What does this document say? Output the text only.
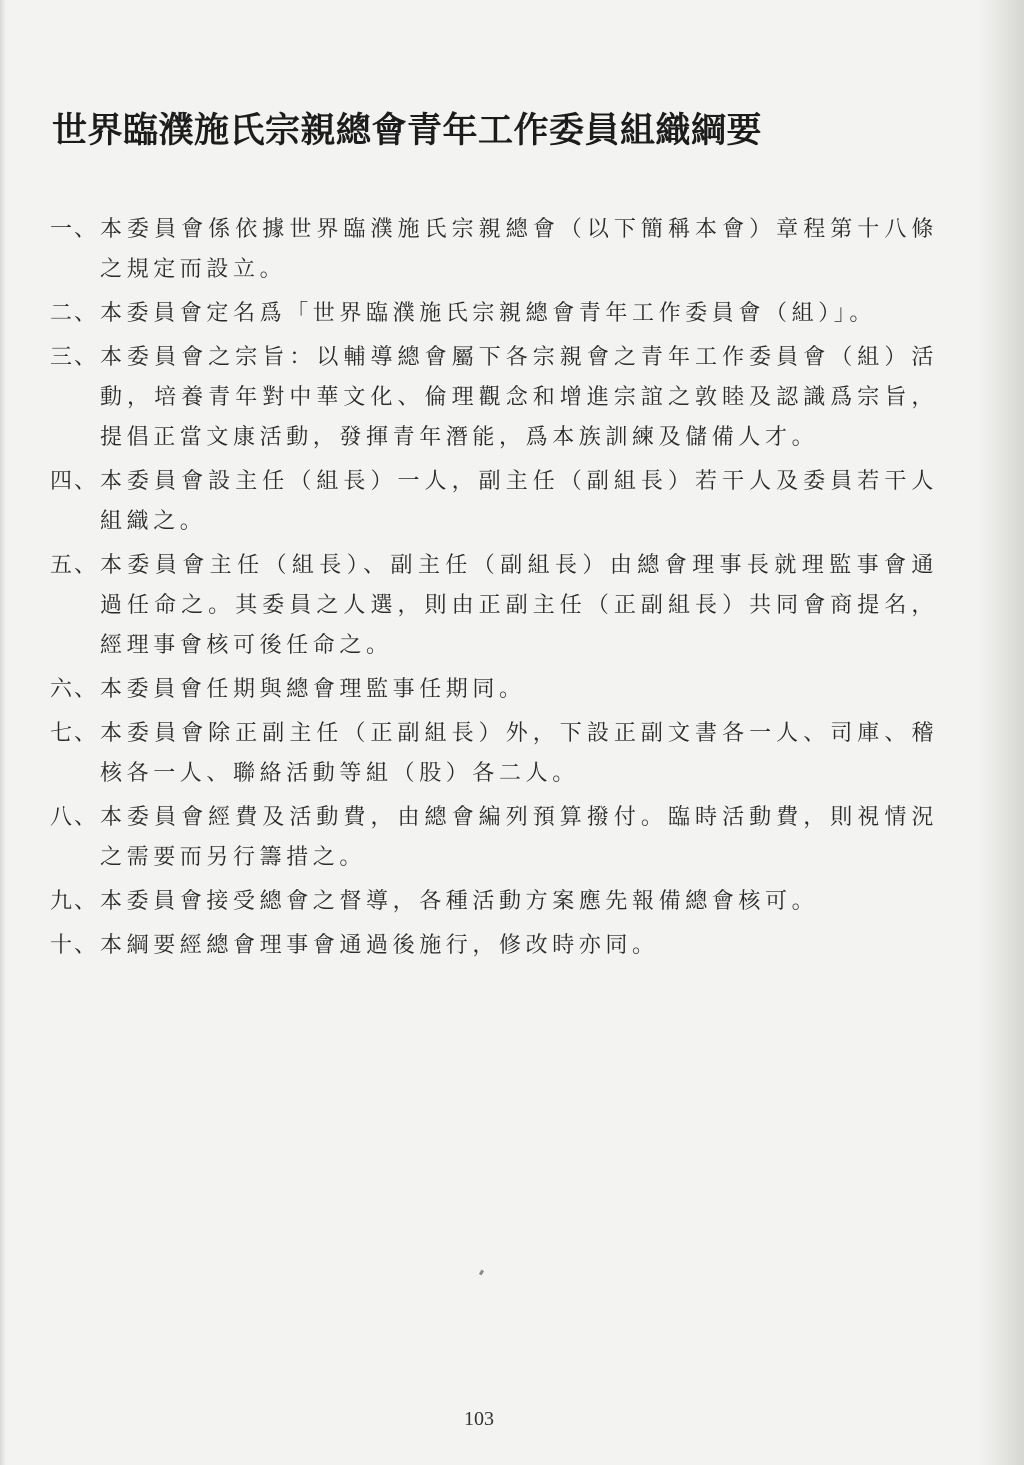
世界臨濮施氏宗親總會青年工作委員組織綱要
一、 本委員會係依據世界臨濮施氏宗親總會（以下簡稱本會）章程第十八條之規定而設立。
二、 本委員會定名爲「世界臨濮施氏宗親總會青年工作委員會（組）」。
三、 本委員會之宗旨：以輔導總會屬下各宗親會之青年工作委員會（組）活動，培養青年對中華文化、倫理觀念和增進宗誼之敦睦及認識爲宗旨，提倡正當文康活動，發揮青年潛能，爲本族訓練及儲備人才。
四、 本委員會設主任（組長）一人，副主任（副組長）若干人及委員若干人組織之。
五、 本委員會主任（組長）、副主任（副組長）由總會理事長就理監事會通過任命之。其委員之人選，則由正副主任（正副組長）共同會商提名，經理事會核可後任命之。
六、 本委員會任期與總會理監事任期同。
七、 本委員會除正副主任（正副組長）外，下設正副文書各一人、司庫、稽核各一人、聯絡活動等組（股）各二人。
八、 本委員會經費及活動費，由總會編列預算撥付。臨時活動費，則視情況之需要而另行籌措之。
九、 本委員會接受總會之督導，各種活動方案應先報備總會核可。
十、 本綱要經總會理事會通過後施行，修改時亦同。
103
